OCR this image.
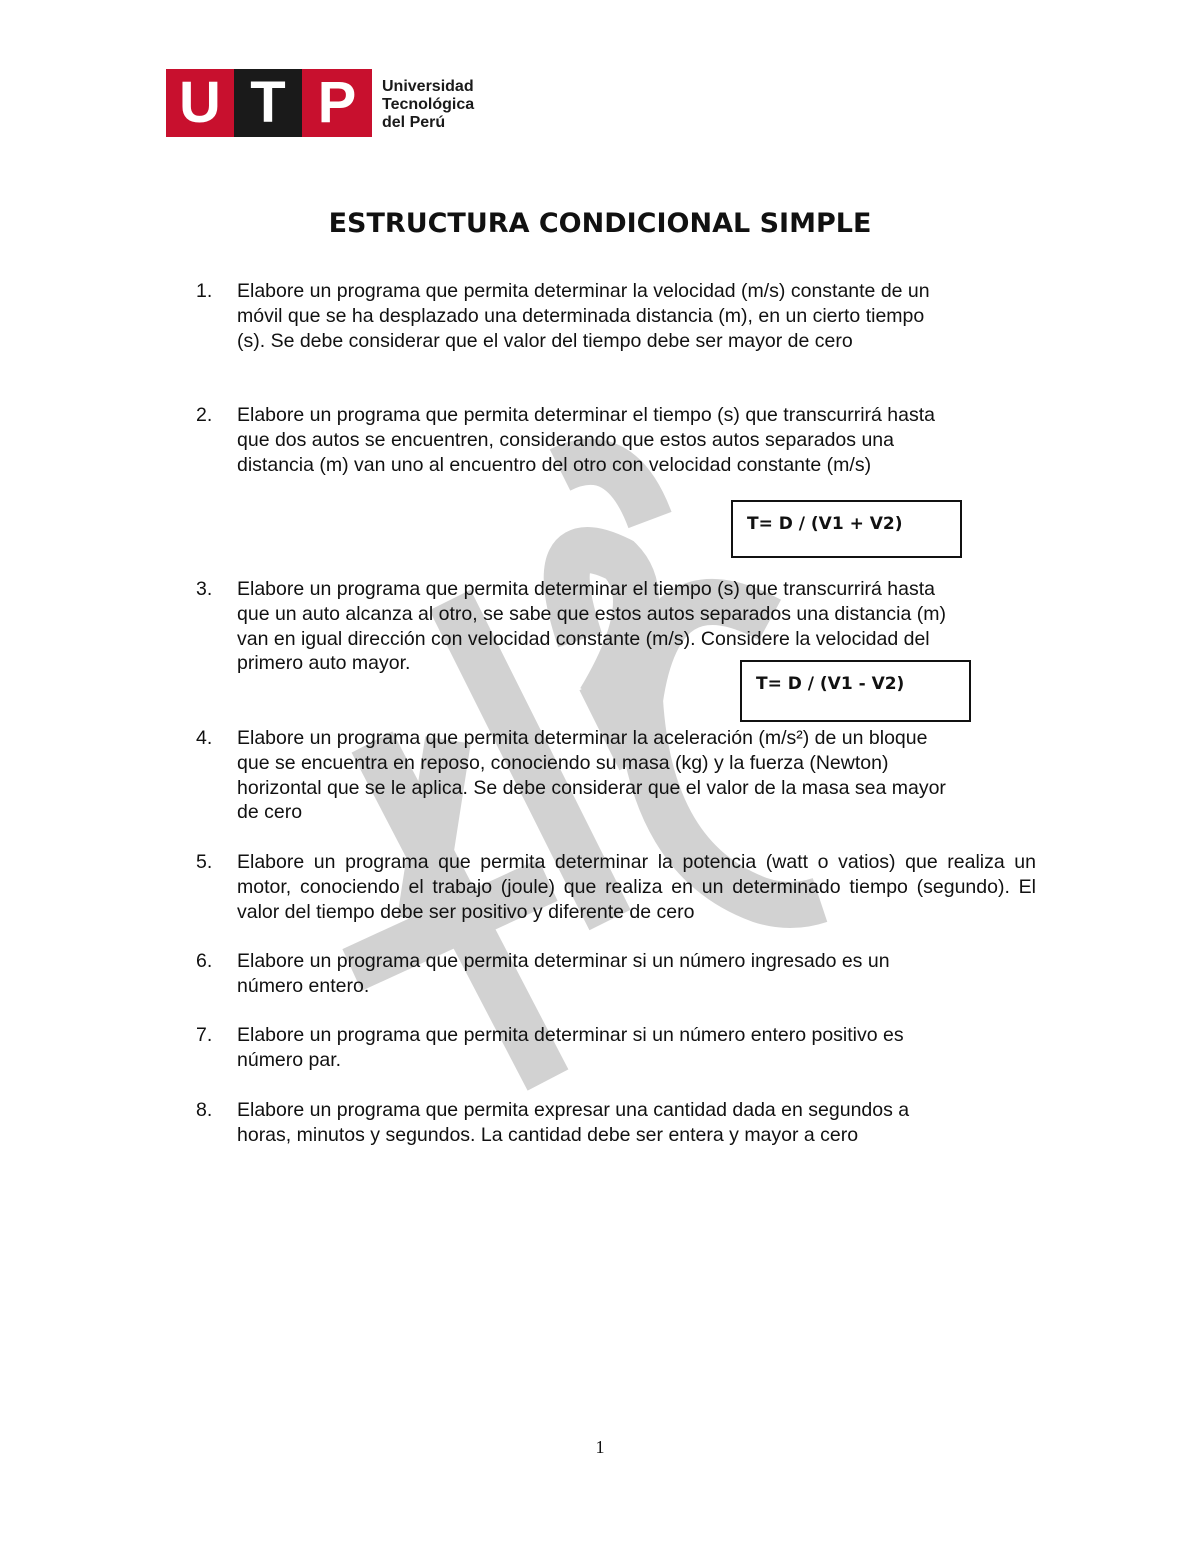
U T P	Universidad
Tecnológica
del Perú
ESTRUCTURA CONDICIONAL SIMPLE
1.	Elabore un programa que permita determinar la velocidad (m/s) constante de un
móvil que se ha desplazado una determinada distancia (m), en un cierto tiempo
(s). Se debe considerar que el valor del tiempo debe ser mayor de cero
2.	Elabore un programa que permita determinar el tiempo (s) que transcurrirá hasta
que dos autos se encuentren, considerando que estos autos separados una
distancia (m) van uno al encuentro del otro con velocidad constante (m/s)
T= D / (V1 + V2)
3.	Elabore un programa que permita determinar el tiempo (s) que transcurrirá hasta
que un auto alcanza al otro, se sabe que estos autos separados una distancia (m)
van en igual dirección con velocidad constante (m/s). Considere la velocidad del
primero auto mayor.
T= D / (V1 - V2)
4.	Elabore un programa que permita determinar la aceleración (m/s²) de un bloque
que se encuentra en reposo, conociendo su masa (kg) y la fuerza (Newton)
horizontal que se le aplica. Se debe considerar que el valor de la masa sea mayor
de cero
5.	Elabore un programa que permita determinar la potencia (watt o vatios) que realiza un motor, conociendo el trabajo (joule) que realiza en un determinado tiempo (segundo). El valor del tiempo debe ser positivo y diferente de cero
6.	Elabore un programa que permita determinar si un número ingresado es un
número entero.
7.	Elabore un programa que permita determinar si un número entero positivo es
número par.
8.	Elabore un programa que permita expresar una cantidad dada en segundos a
horas, minutos y segundos. La cantidad debe ser entera y mayor a cero
1
